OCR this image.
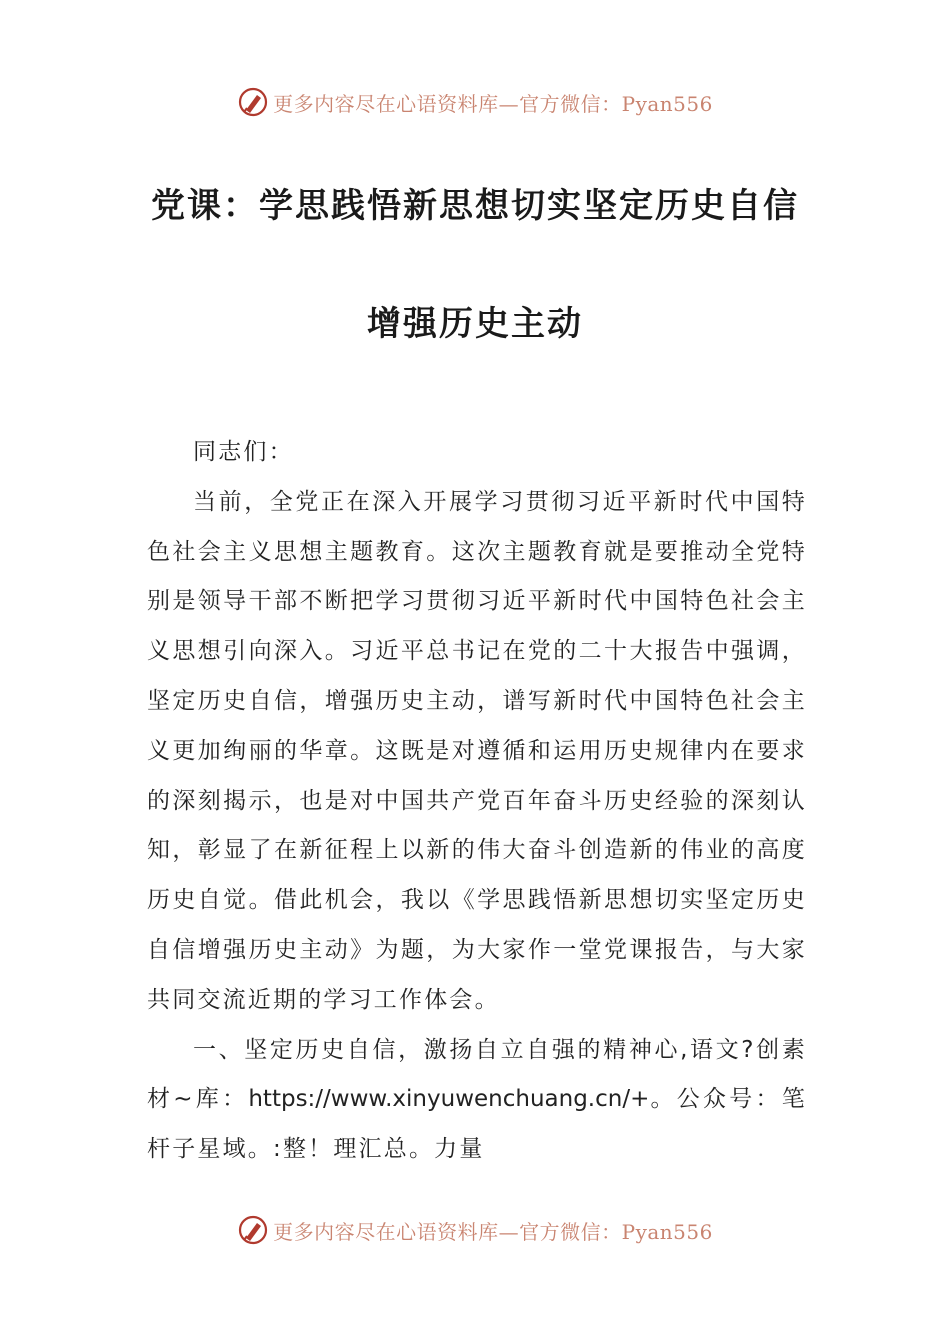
更多内容尽在心语资料库—官方微信：Pyan556
党课：学思践悟新思想切实坚定历史自信
增强历史主动

同志们：

当前，全党正在深入开展学习贯彻习近平新时代中国特色社会主义思想主题教育。这次主题教育就是要推动全党特别是领导干部不断把学习贯彻习近平新时代中国特色社会主义思想引向深入。习近平总书记在党的二十大报告中强调，坚定历史自信，增强历史主动，谱写新时代中国特色社会主义更加绚丽的华章。这既是对遵循和运用历史规律内在要求的深刻揭示，也是对中国共产党百年奋斗历史经验的深刻认知，彰显了在新征程上以新的伟大奋斗创造新的伟业的高度历史自觉。借此机会，我以《学思践悟新思想切实坚定历史自信增强历史主动》为题，为大家作一堂党课报告，与大家共同交流近期的学习工作体会。

一、坚定历史自信，激扬自立自强的精神心,语文?创素材~库：https://www.xinyuwenchuang.cn/+。公众号：笔杆子星域。:整！理汇总。力量

更多内容尽在心语资料库—官方微信：Pyan556
